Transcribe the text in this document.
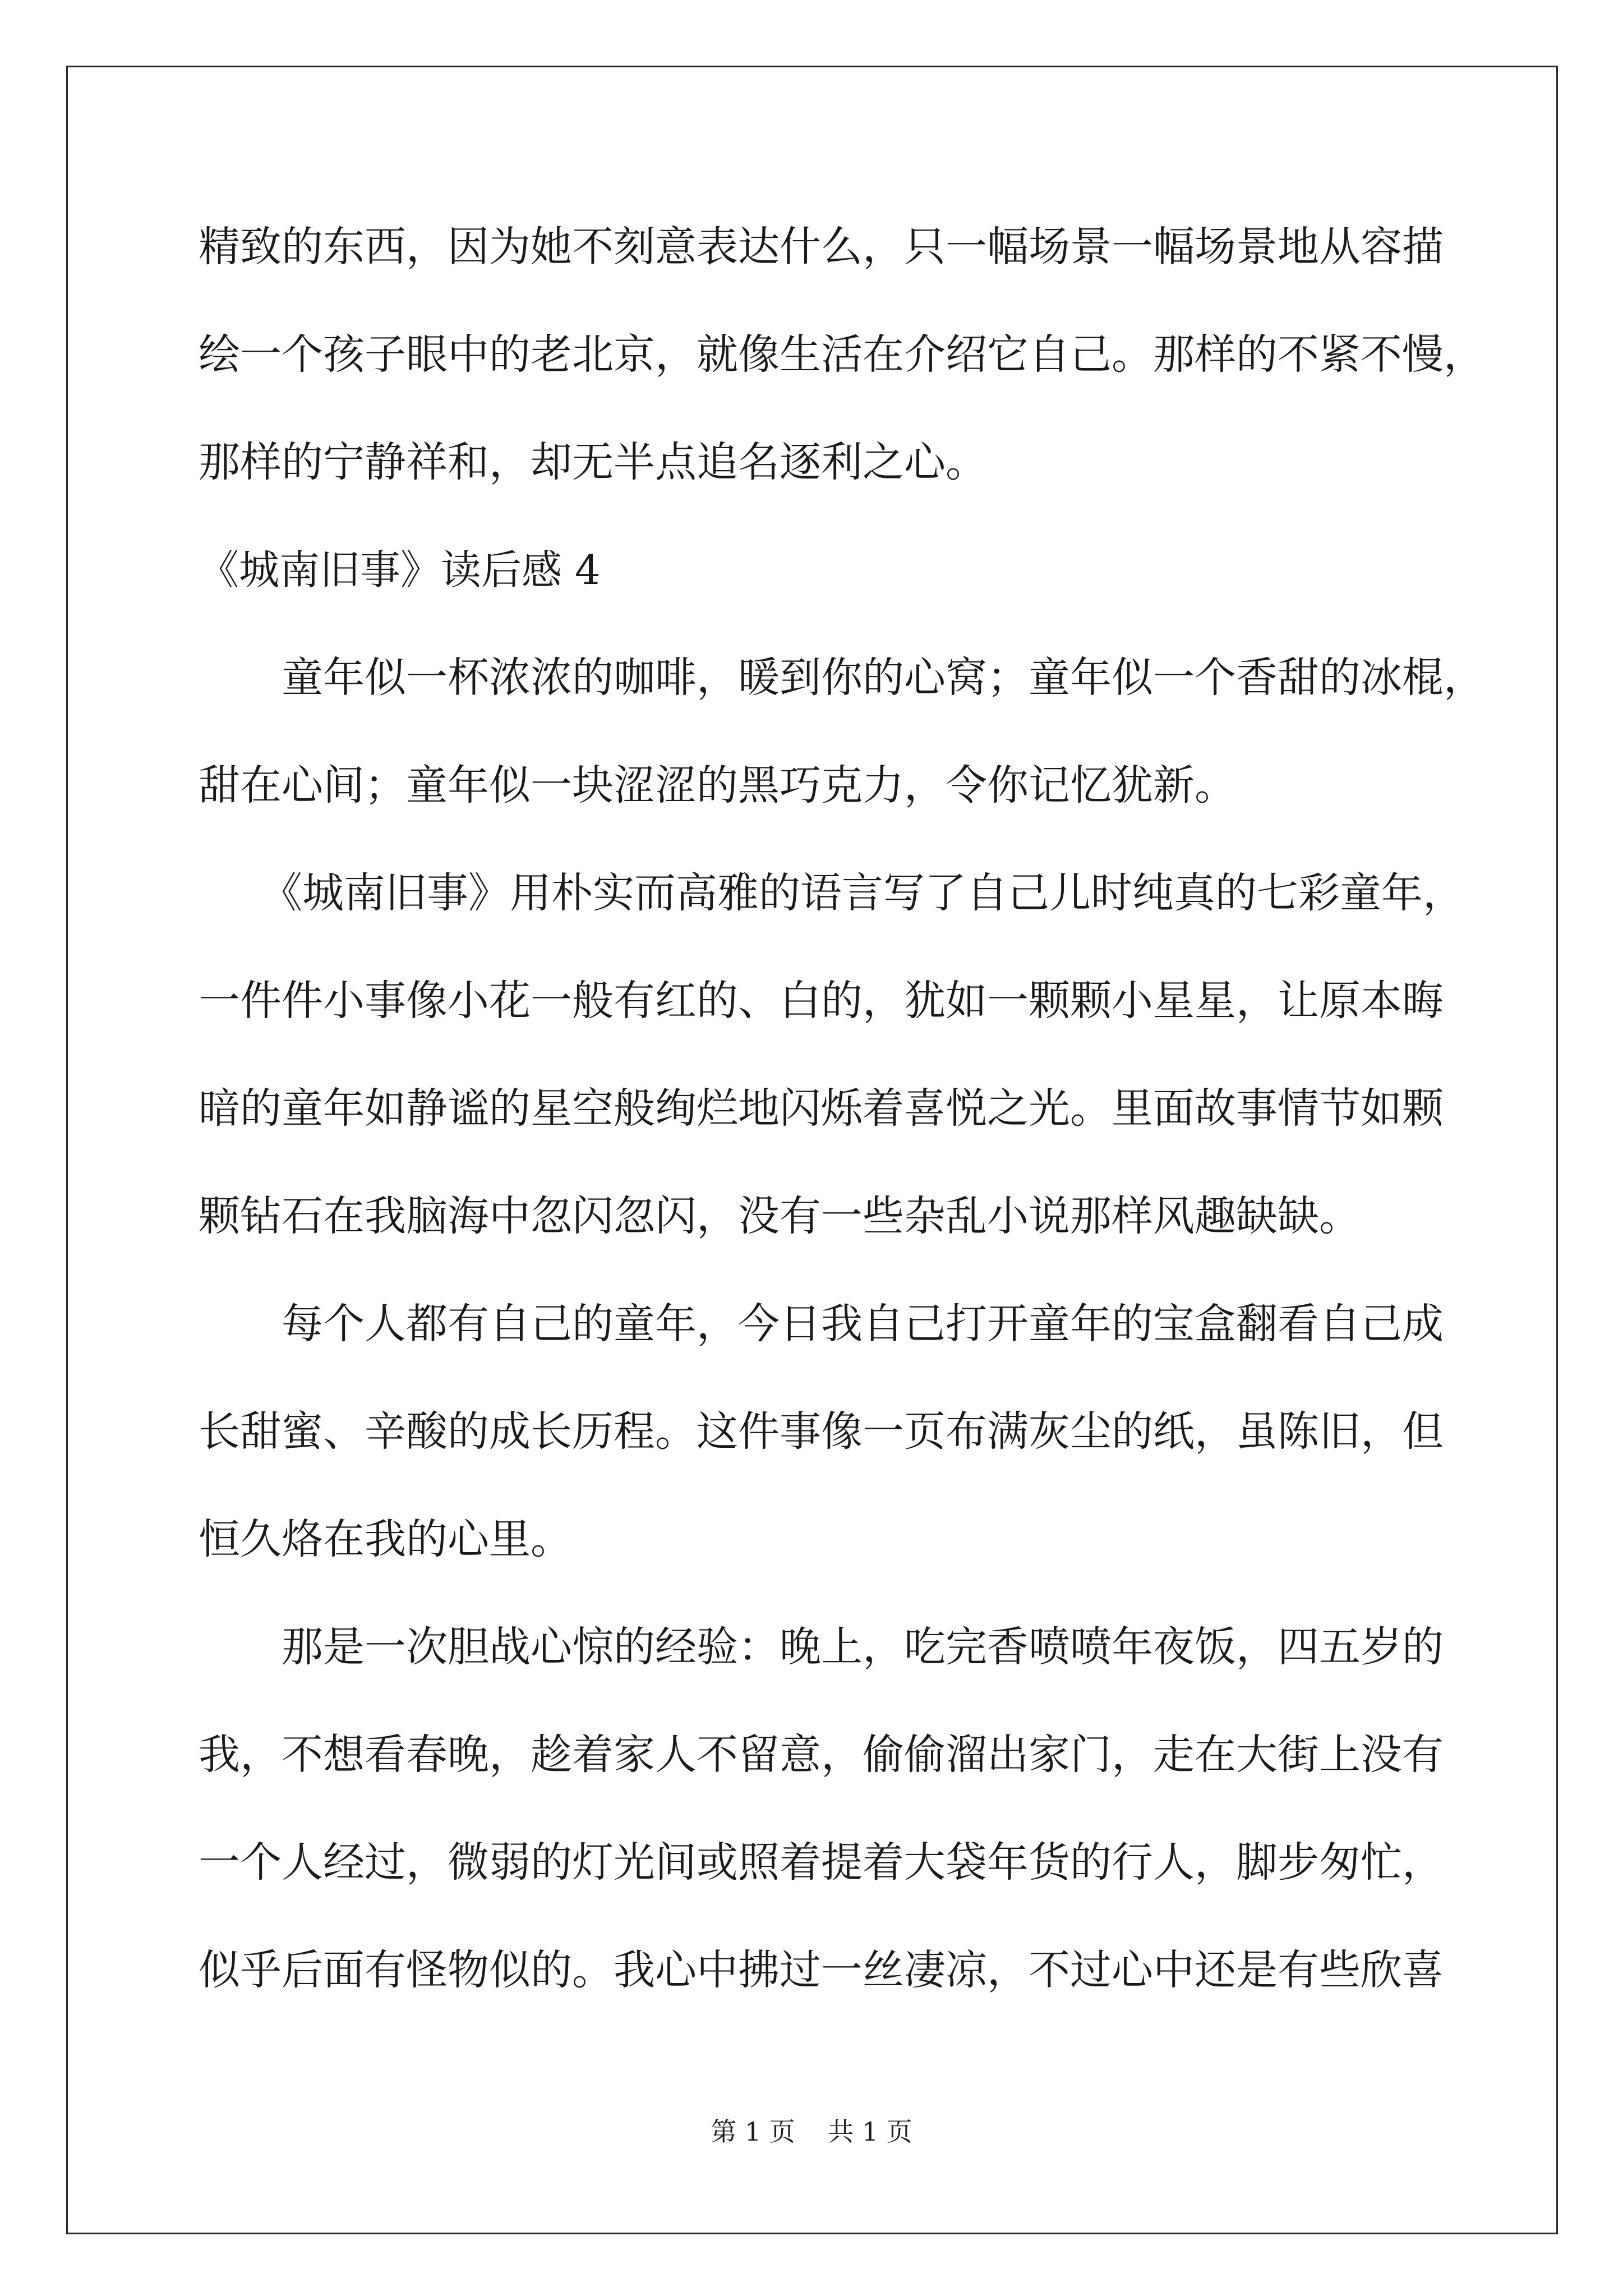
精致的东西，因为她不刻意表达什么，只一幅场景一幅场景地从容描
绘一个孩子眼中的老北京，就像生活在介绍它自己。那样的不紧不慢，
那样的宁静祥和，却无半点追名逐利之心。
《城南旧事》读后感 4
　　童年似一杯浓浓的咖啡，暖到你的心窝；童年似一个香甜的冰棍，
甜在心间；童年似一块涩涩的黑巧克力，令你记忆犹新。
　　《城南旧事》用朴实而高雅的语言写了自己儿时纯真的七彩童年，
一件件小事像小花一般有红的、白的，犹如一颗颗小星星，让原本晦
暗的童年如静谧的星空般绚烂地闪烁着喜悦之光。里面故事情节如颗
颗钻石在我脑海中忽闪忽闪，没有一些杂乱小说那样风趣缺缺。
　　每个人都有自己的童年，今日我自己打开童年的宝盒翻看自己成
长甜蜜、辛酸的成长历程。这件事像一页布满灰尘的纸，虽陈旧，但
恒久烙在我的心里。
　　那是一次胆战心惊的经验：晚上，吃完香喷喷年夜饭，四五岁的
我，不想看春晚，趁着家人不留意，偷偷溜出家门，走在大街上没有
一个人经过，微弱的灯光间或照着提着大袋年货的行人，脚步匆忙，
似乎后面有怪物似的。我心中拂过一丝凄凉，不过心中还是有些欣喜
第 1 页    共 1 页
